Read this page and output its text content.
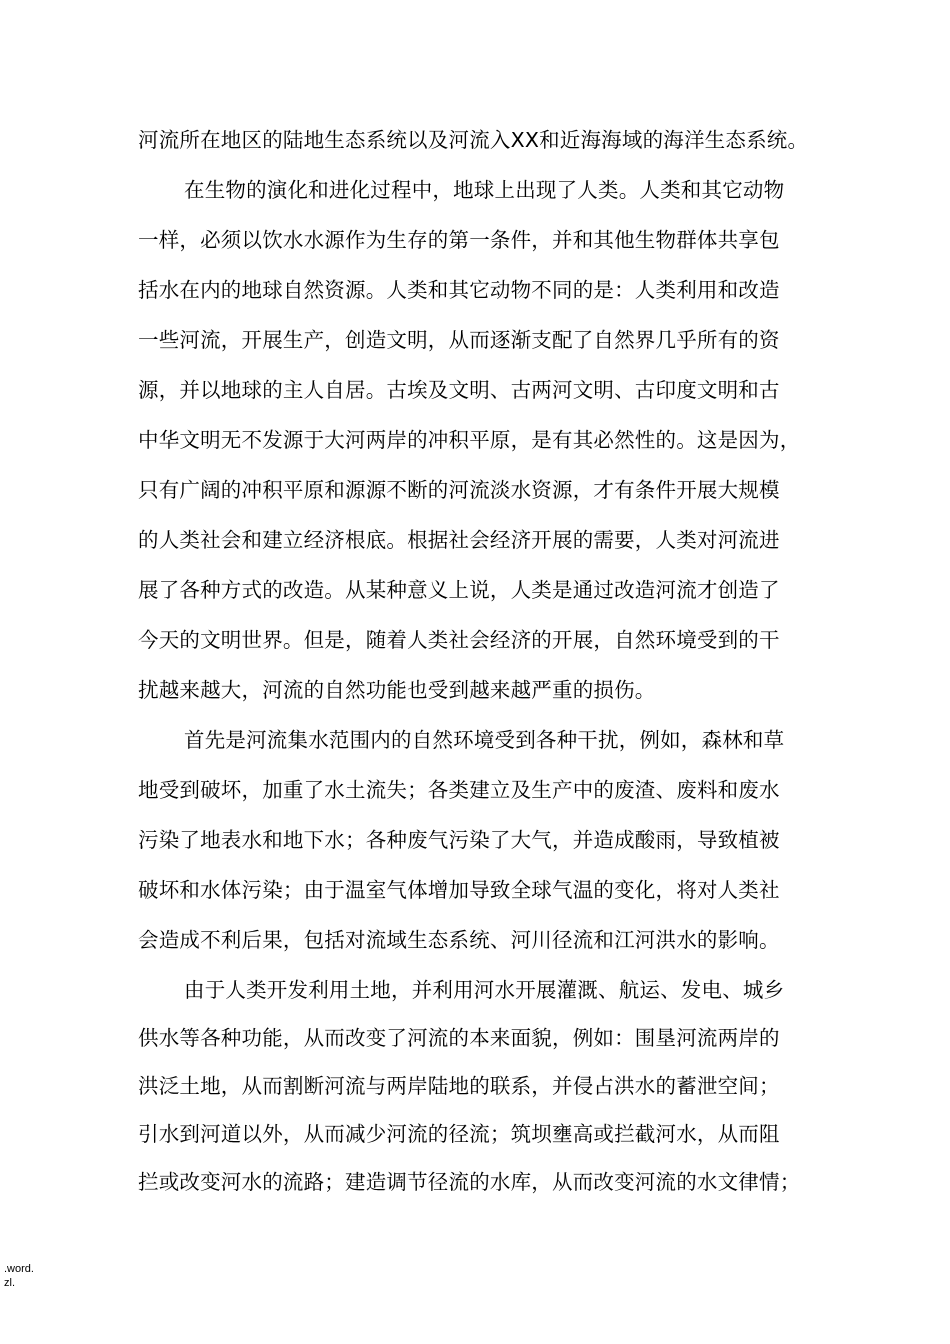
河流所在地区的陆地生态系统以及河流入XX和近海海域的海洋生态系统。
在生物的演化和进化过程中，地球上出现了人类。人类和其它动物
一样，必须以饮水水源作为生存的第一条件，并和其他生物群体共享包
括水在内的地球自然资源。人类和其它动物不同的是：人类利用和改造
一些河流，开展生产，创造文明，从而逐渐支配了自然界几乎所有的资
源，并以地球的主人自居。古埃及文明、古两河文明、古印度文明和古
中华文明无不发源于大河两岸的冲积平原，是有其必然性的。这是因为，
只有广阔的冲积平原和源源不断的河流淡水资源，才有条件开展大规模
的人类社会和建立经济根底。根据社会经济开展的需要，人类对河流进
展了各种方式的改造。从某种意义上说，人类是通过改造河流才创造了
今天的文明世界。但是，随着人类社会经济的开展，自然环境受到的干
扰越来越大，河流的自然功能也受到越来越严重的损伤。
首先是河流集水范围内的自然环境受到各种干扰，例如，森林和草
地受到破坏，加重了水土流失；各类建立及生产中的废渣、废料和废水
污染了地表水和地下水；各种废气污染了大气，并造成酸雨，导致植被
破坏和水体污染；由于温室气体增加导致全球气温的变化，将对人类社
会造成不利后果，包括对流域生态系统、河川径流和江河洪水的影响。
由于人类开发利用土地，并利用河水开展灌溉、航运、发电、城乡
供水等各种功能，从而改变了河流的本来面貌，例如：围垦河流两岸的
洪泛土地，从而割断河流与两岸陆地的联系，并侵占洪水的蓄泄空间；
引水到河道以外，从而减少河流的径流；筑坝壅高或拦截河水，从而阻
拦或改变河水的流路；建造调节径流的水库，从而改变河流的水文律情；
.word.
zl.
